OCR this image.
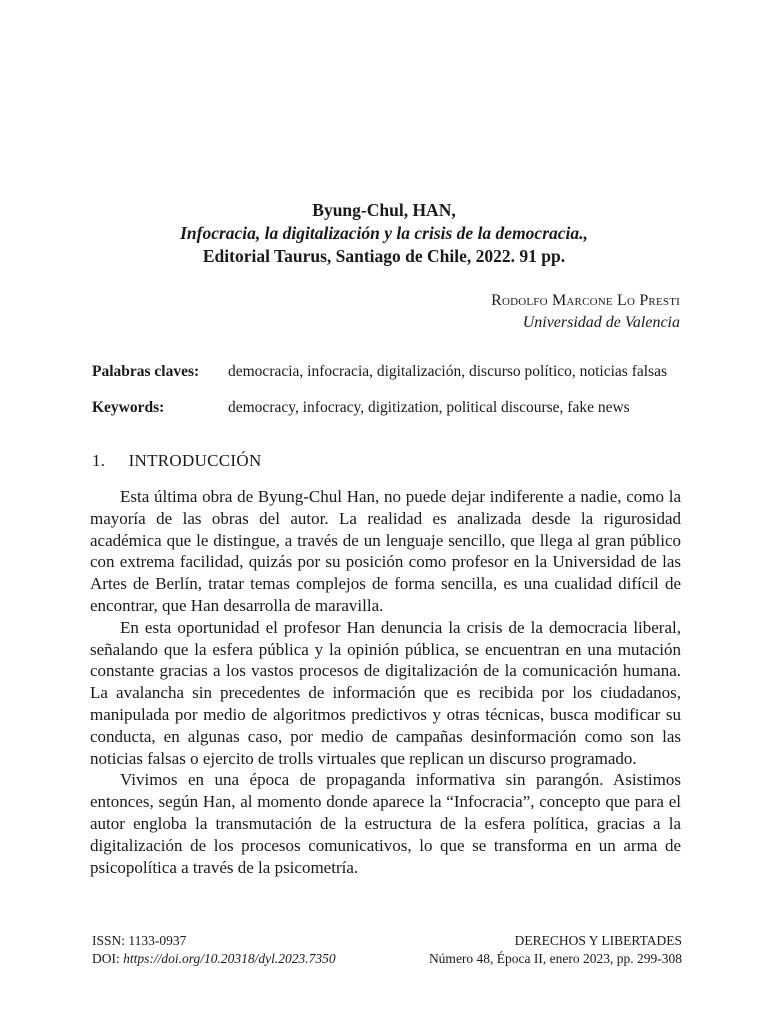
Byung-Chul, HAN,
Infocracia, la digitalización y la crisis de la democracia.,
Editorial Taurus, Santiago de Chile, 2022. 91 pp.
Rodolfo Marcone Lo Presti
Universidad de Valencia
Palabras claves:	democracia, infocracia, digitalización, discurso político, noticias falsas
Keywords:	democracy, infocracy, digitization, political discourse, fake news
1. INTRODUCCIÓN

Esta última obra de Byung-Chul Han, no puede dejar indiferente a nadie, como la mayoría de las obras del autor. La realidad es analizada desde la rigurosidad académica que le distingue, a través de un lenguaje sencillo, que llega al gran público con extrema facilidad, quizás por su posición como profesor en la Universidad de las Artes de Berlín, tratar temas complejos de forma sencilla, es una cualidad difícil de encontrar, que Han desarrolla de maravilla.

En esta oportunidad el profesor Han denuncia la crisis de la democracia liberal, señalando que la esfera pública y la opinión pública, se encuentran en una mutación constante gracias a los vastos procesos de digitalización de la comunicación humana. La avalancha sin precedentes de información que es recibida por los ciudadanos, manipulada por medio de algoritmos predictivos y otras técnicas, busca modificar su conducta, en algunas caso, por medio de campañas desinformación como son las noticias falsas o ejercito de trolls virtuales que replican un discurso programado.

Vivimos en una época de propaganda informativa sin parangón. Asistimos entonces, según Han, al momento donde aparece la “Infocracia”, concepto que para el autor engloba la transmutación de la estructura de la esfera política, gracias a la digitalización de los procesos comunicativos, lo que se transforma en un arma de psicopolítica a través de la psicometría.

ISSN: 1133-0937
DOI: https://doi.org/10.20318/dyl.2023.7350
DERECHOS Y LIBERTADES
Número 48, Época II, enero 2023, pp. 299-308
